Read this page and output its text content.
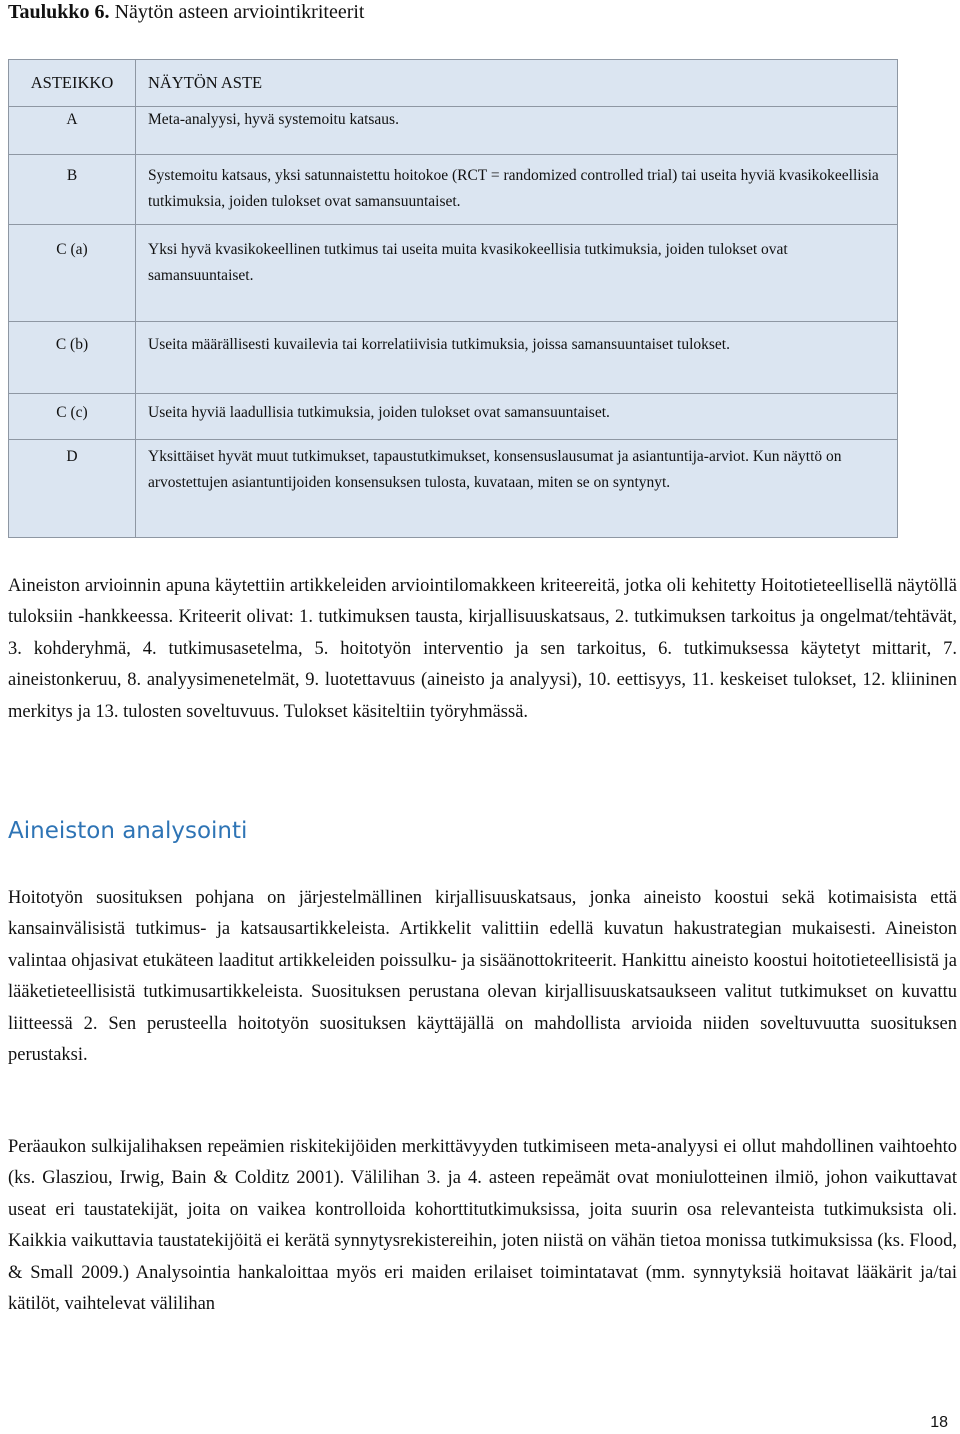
Taulukko 6. Näytön asteen arviointikriteerit
ASTEIKKO	NÄYTÖN ASTE
A	Meta-analyysi, hyvä systemoitu katsaus.
B	Systemoitu katsaus, yksi satunnaistettu hoitokoe (RCT = randomized controlled trial) tai useita hyviä kvasikokeellisia tutkimuksia, joiden tulokset ovat samansuuntaiset.
C (a)	Yksi hyvä kvasikokeellinen tutkimus tai useita muita kvasikokeellisia tutkimuksia, joiden tulokset ovat samansuuntaiset.
C (b)	Useita määrällisesti kuvailevia tai korrelatiivisia tutkimuksia, joissa samansuuntaiset tulokset.
C (c)	Useita hyviä laadullisia tutkimuksia, joiden tulokset ovat samansuuntaiset.
D	Yksittäiset hyvät muut tutkimukset, tapaustutkimukset, konsensuslausumat ja asiantuntija-arviot. Kun näyttö on arvostettujen asiantuntijoiden konsensuksen tulosta, kuvataan, miten se on syntynyt.

Aineiston arvioinnin apuna käytettiin artikkeleiden arviointilomakkeen kriteereitä, jotka oli kehitetty Hoitotieteellisellä näytöllä tuloksiin -hankkeessa. Kriteerit olivat: 1. tutkimuksen tausta, kirjallisuuskatsaus, 2. tutkimuksen tarkoitus ja ongelmat/tehtävät, 3. kohderyhmä, 4. tutkimusasetelma, 5. hoitotyön interventio ja sen tarkoitus, 6. tutkimuksessa käytetyt mittarit, 7. aineistonkeruu, 8. analyysimenetelmät, 9. luotettavuus (aineisto ja analyysi), 10. eettisyys, 11. keskeiset tulokset, 12. kliininen merkitys ja 13. tulosten soveltuvuus. Tulokset käsiteltiin työryhmässä.

Aineiston analysointi

Hoitotyön suosituksen pohjana on järjestelmällinen kirjallisuuskatsaus, jonka aineisto koostui sekä kotimaisista että kansainvälisistä tutkimus- ja katsausartikkeleista. Artikkelit valittiin edellä kuvatun hakustrategian mukaisesti. Aineiston valintaa ohjasivat etukäteen laaditut artikkeleiden poissulku- ja sisäänottokriteerit. Hankittu aineisto koostui hoitotieteellisistä ja lääketieteellisistä tutkimusartikkeleista. Suosituksen perustana olevan kirjallisuuskatsaukseen valitut tutkimukset on kuvattu liitteessä 2. Sen perusteella hoitotyön suosituksen käyttäjällä on mahdollista arvioida niiden soveltuvuutta suosituksen perustaksi.

Peräaukon sulkijalihaksen repeämien riskitekijöiden merkittävyyden tutkimiseen meta-analyysi ei ollut mahdollinen vaihtoehto (ks. Glasziou, Irwig, Bain & Colditz 2001). Välilihan 3. ja 4. asteen repeämät ovat moniulotteinen ilmiö, johon vaikuttavat useat eri taustatekijät, joita on vaikea kontrolloida kohorttitutkimuksissa, joita suurin osa relevanteista tutkimuksista oli. Kaikkia vaikuttavia taustatekijöitä ei kerätä synnytysrekistereihin, joten niistä on vähän tietoa monissa tutkimuksissa (ks. Flood, & Small 2009.) Analysointia hankaloittaa myös eri maiden erilaiset toimintatavat (mm. synnytyksiä hoitavat lääkärit ja/tai kätilöt, vaihtelevat välilihan

18
